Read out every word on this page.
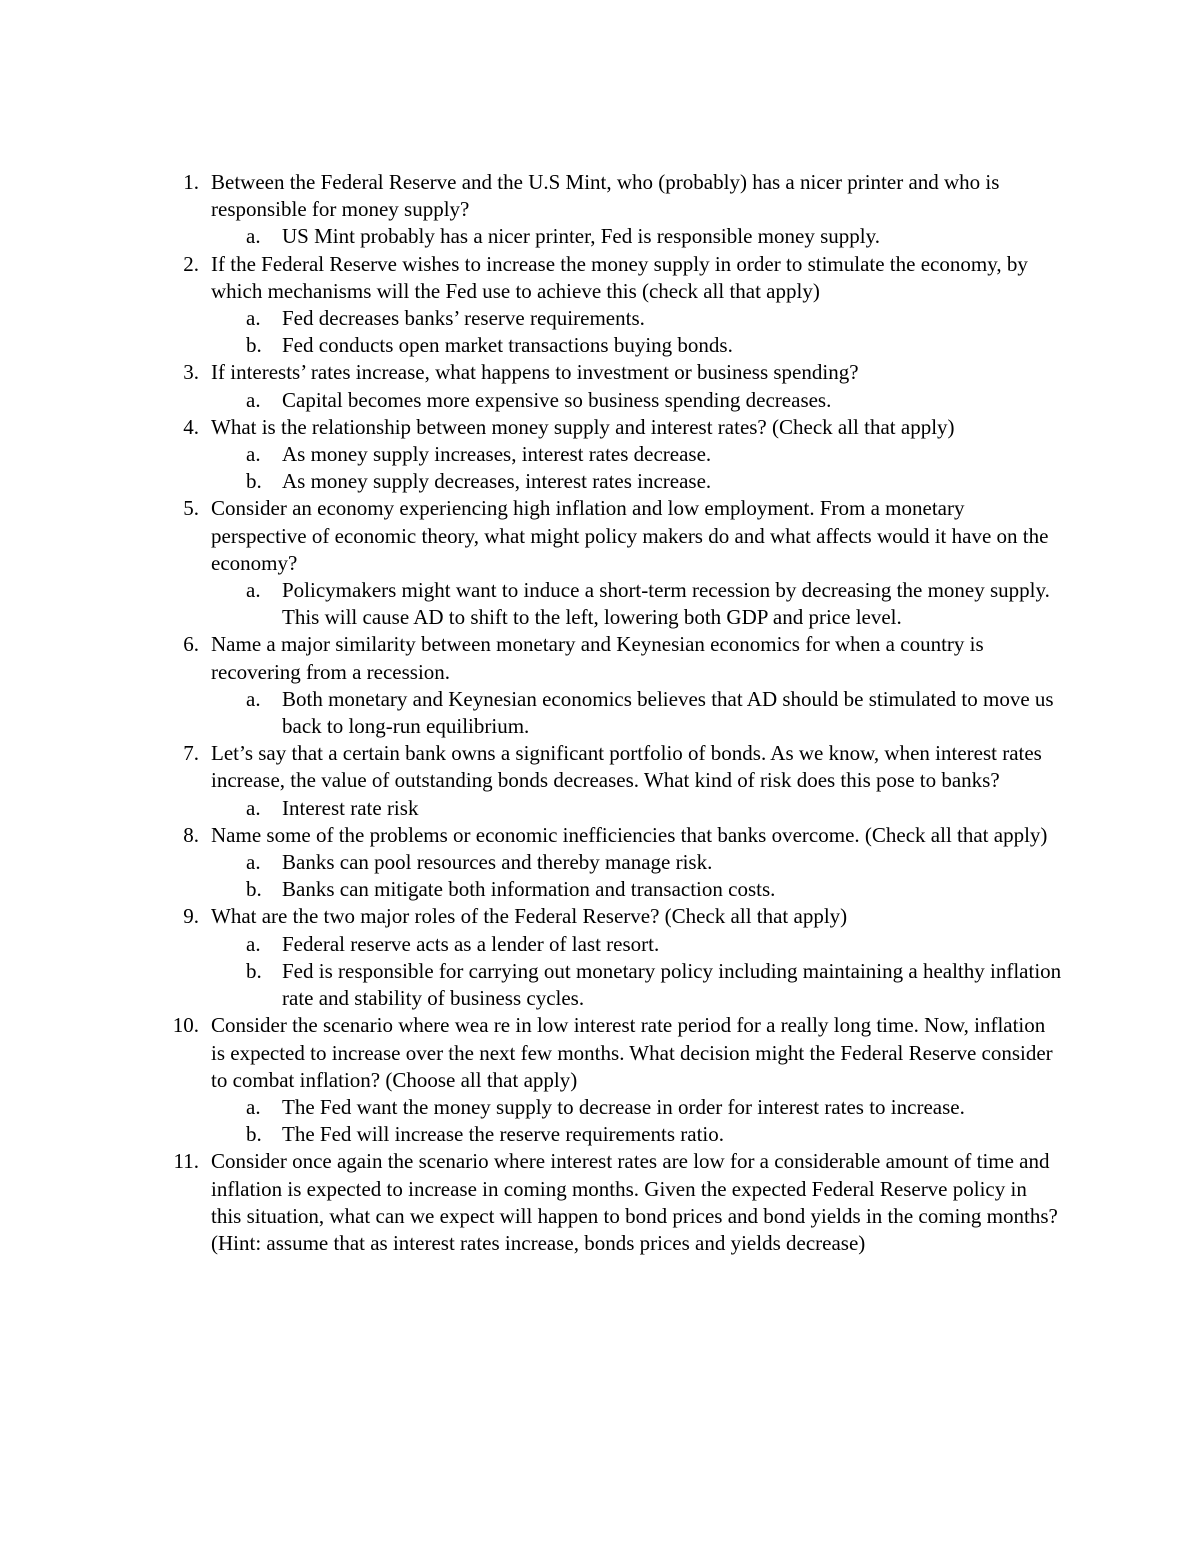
1. Between the Federal Reserve and the U.S Mint, who (probably) has a nicer printer and who is responsible for money supply?
a.	US Mint probably has a nicer printer, Fed is responsible money supply.
2. If the Federal Reserve wishes to increase the money supply in order to stimulate the economy, by which mechanisms will the Fed use to achieve this (check all that apply)
a.	Fed decreases banks’ reserve requirements.
b. Fed conducts open market transactions buying bonds.
3. If interests’ rates increase, what happens to investment or business spending?
a.	Capital becomes more expensive so business spending decreases.
4. What is the relationship between money supply and interest rates? (Check all that apply)
a.	As money supply increases, interest rates decrease.
b. As money supply decreases, interest rates increase.
5. Consider an economy experiencing high inflation and low employment. From a monetary perspective of economic theory, what might policy makers do and what affects would it have on the economy?
a.	Policymakers might want to induce a short-term recession by decreasing the money supply. This will cause AD to shift to the left, lowering both GDP and price level.
6. Name a major similarity between monetary and Keynesian economics for when a country is recovering from a recession.
a.	Both monetary and Keynesian economics believes that AD should be stimulated to move us back to long-run equilibrium.
7. Let’s say that a certain bank owns a significant portfolio of bonds. As we know, when interest rates increase, the value of outstanding bonds decreases. What kind of risk does this pose to banks?
a.	Interest rate risk
8. Name some of the problems or economic inefficiencies that banks overcome. (Check all that apply)
a.	Banks can pool resources and thereby manage risk.
b. Banks can mitigate both information and transaction costs.
9. What are the two major roles of the Federal Reserve? (Check all that apply)
a.	Federal reserve acts as a lender of last resort.
b. Fed is responsible for carrying out monetary policy including maintaining a healthy inflation rate and stability of business cycles.
10. Consider the scenario where wea re in low interest rate period for a really long time. Now, inflation is expected to increase over the next few months. What decision might the Federal Reserve consider to combat inflation? (Choose all that apply)
a.	The Fed want the money supply to decrease in order for interest rates to increase.
b. The Fed will increase the reserve requirements ratio.
11. Consider once again the scenario where interest rates are low for a considerable amount of time and inflation is expected to increase in coming months. Given the expected Federal Reserve policy in this situation, what can we expect will happen to bond prices and bond yields in the coming months? (Hint: assume that as interest rates increase, bonds prices and yields decrease)
